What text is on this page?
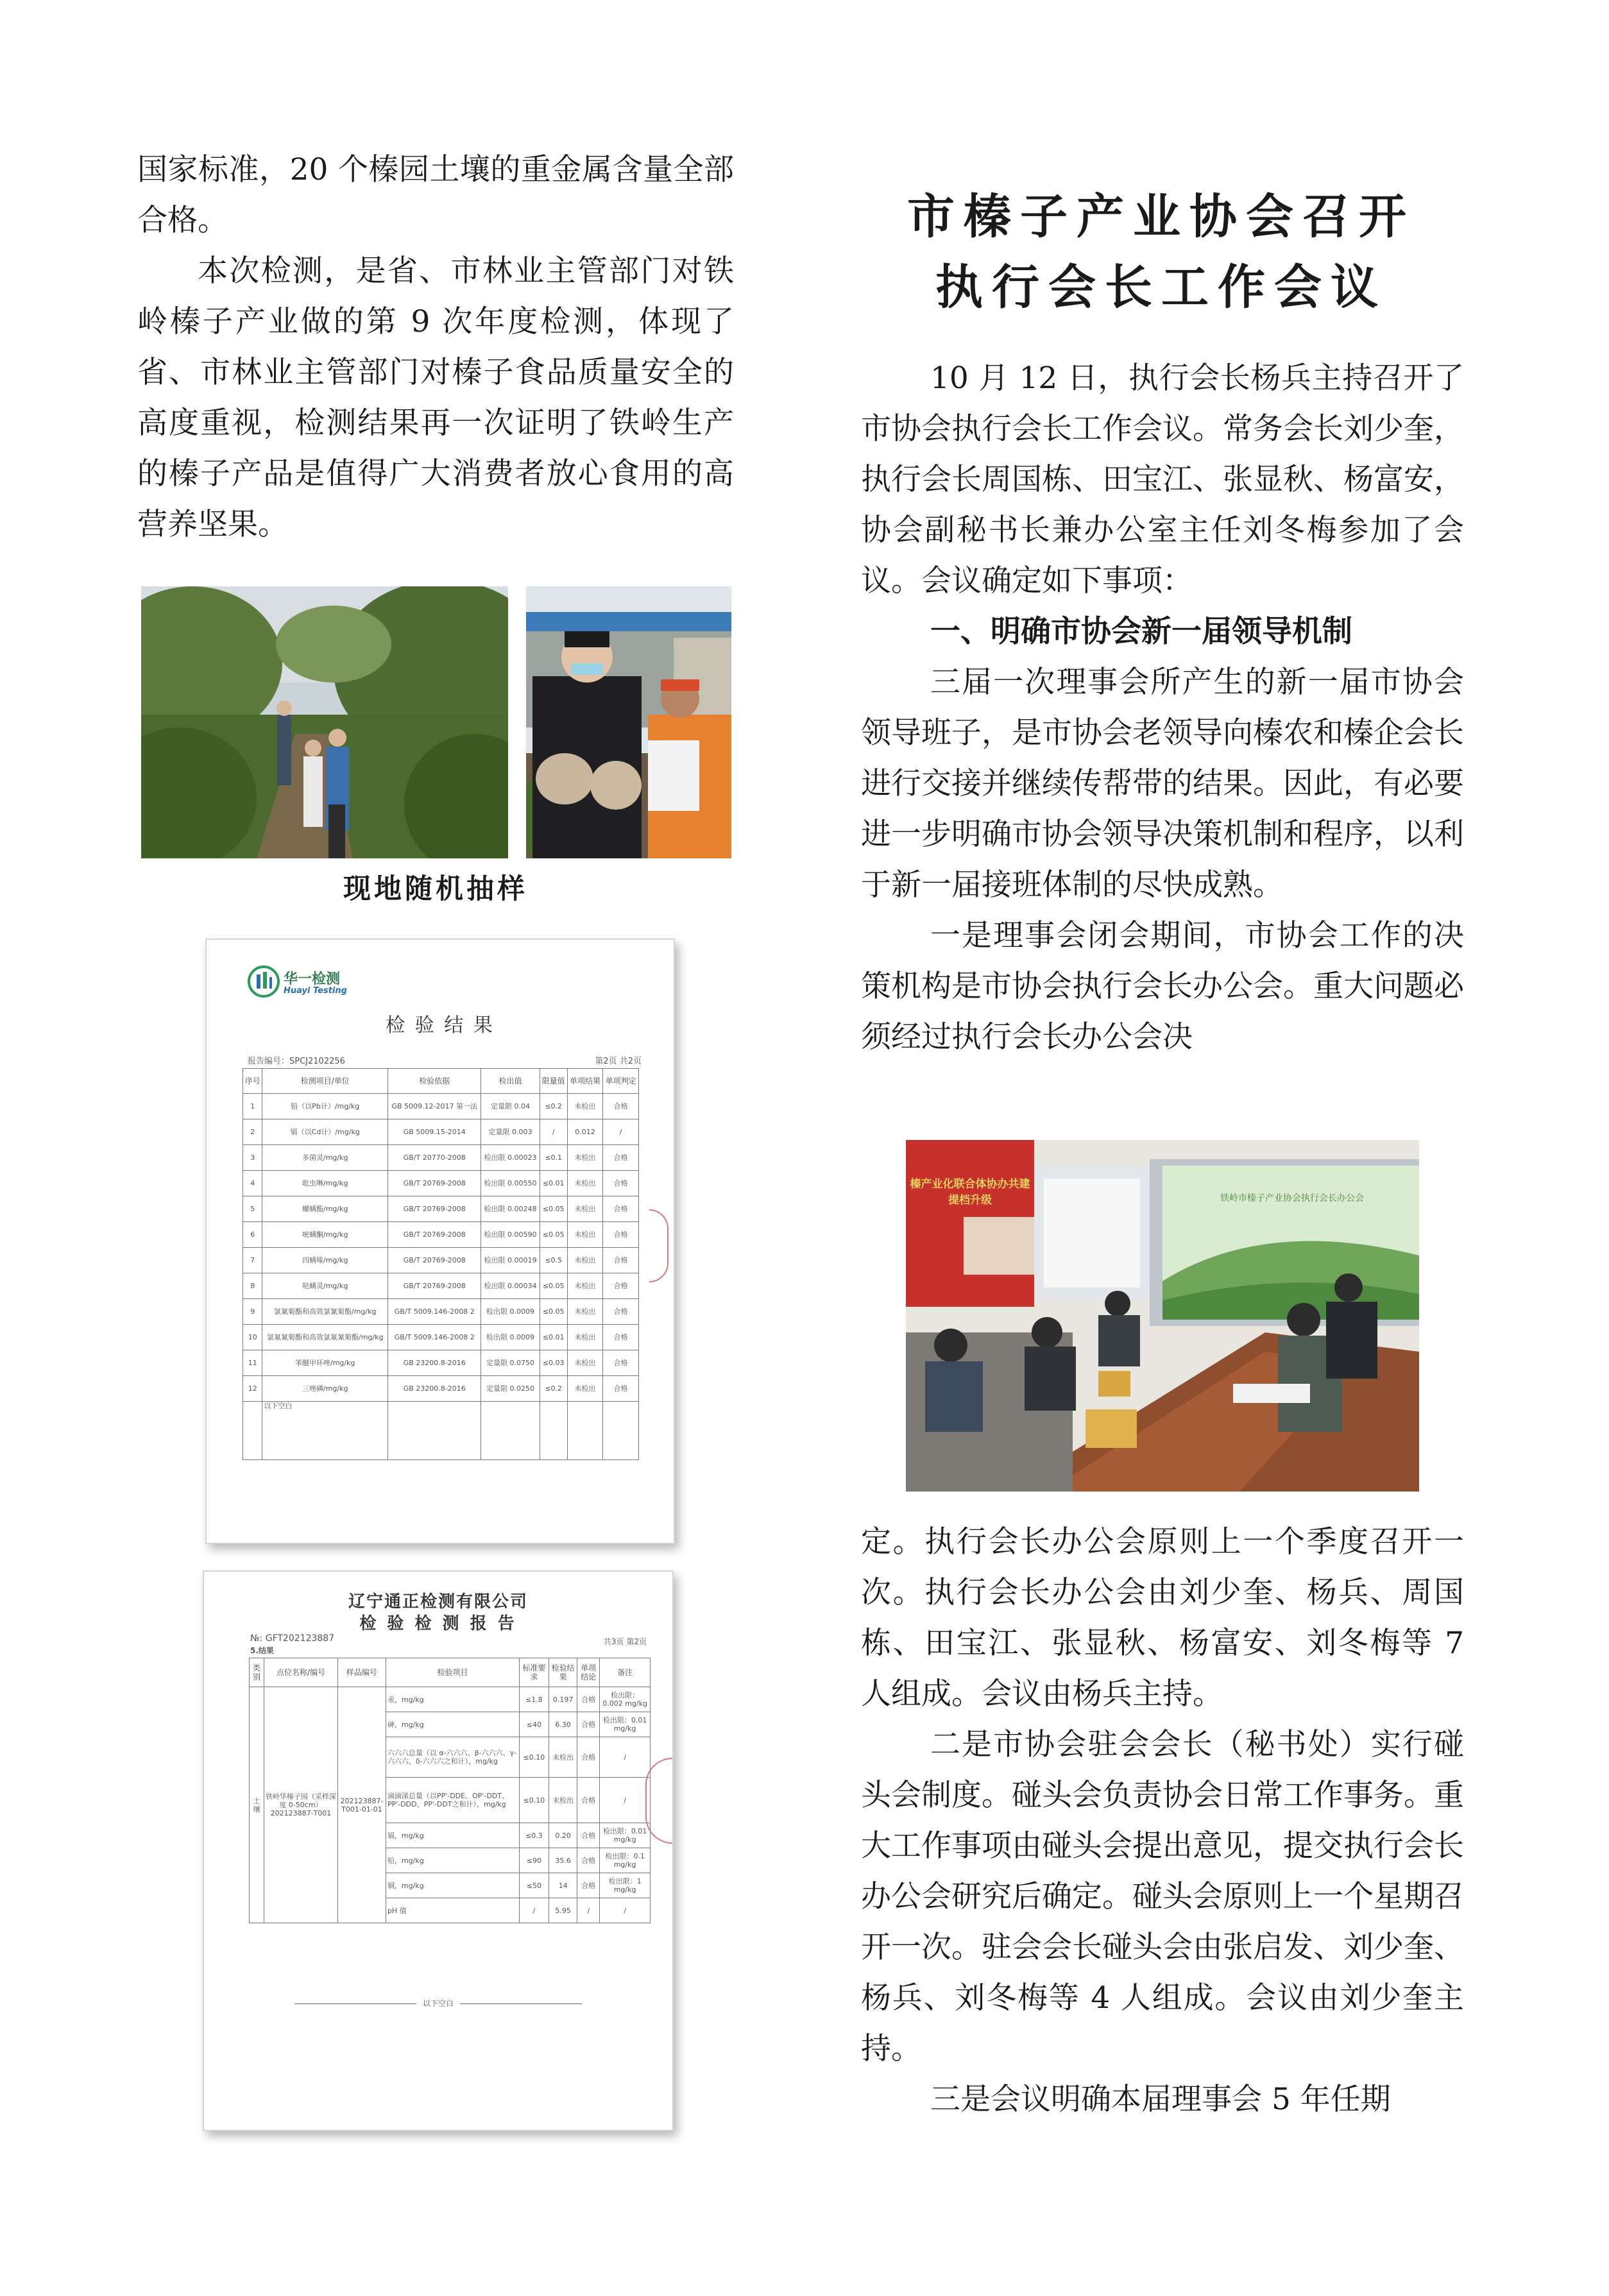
国家标准，20 个榛园土壤的重金属含量全部合格。

本次检测，是省、市林业主管部门对铁岭榛子产业做的第 9 次年度检测，体现了省、市林业主管部门对榛子食品质量安全的高度重视，检测结果再一次证明了铁岭生产的榛子产品是值得广大消费者放心食用的高营养坚果。

现地随机抽样
华一检测
Huayi Testing
检 验 结 果
报告编号：SPCJ2102256	第2页 共2页
序号	检测项目/单位	检验依据	检出值	限量值	单项结果	单项判定
1	铅（以Pb计）/mg/kg	GB 5009.12-2017 第一法	定量限 0.04	≤0.2	未检出	合格
2	镉（以Cd计）/mg/kg	GB 5009.15-2014	定量限 0.003	/	0.012	/
3	多菌灵/mg/kg	GB/T 20770-2008	检出限 0.00023	≤0.1	未检出	合格
4	吡虫啉/mg/kg	GB/T 20769-2008	检出限 0.00550	≤0.01	未检出	合格
5	螺螨酯/mg/kg	GB/T 20769-2008	检出限 0.00248	≤0.05	未检出	合格
6	嘧螨酮/mg/kg	GB/T 20769-2008	检出限 0.00590	≤0.05	未检出	合格
7	四螨嗪/mg/kg	GB/T 20769-2008	检出限 0.00019	≤0.5	未检出	合格
8	哒螨灵/mg/kg	GB/T 20769-2008	检出限 0.00034	≤0.05	未检出	合格
9	氯氰菊酯和高效氯氰菊酯/mg/kg	GB/T 5009.146-2008 2	检出限 0.0009	≤0.05	未检出	合格
10	氯氟氰菊酯和高效氯氟氰菊酯/mg/kg	GB/T 5009.146-2008 2	检出限 0.0009	≤0.01	未检出	合格
11	苯醚甲环唑/mg/kg	GB 23200.8-2016	定量限 0.0750	≤0.03	未检出	合格
12	三唑磷/mg/kg	GB 23200.8-2016	定量限 0.0250	≤0.2	未检出	合格
	以下空白					
辽宁通正检测有限公司
检 验 检 测 报 告
№: GFT202123887
5.结果
共3页 第2页
类别	点位名称/编号	样品编号	检验项目	标准要求	检验结果	单项结论	备注
土壤	铁岭华榛子园（采样深度 0-50cm）202123887-T001	202123887-T001-01-01	汞，mg/kg	≤1.8	0.197	合格	检出限：0.002 mg/kg
			砷，mg/kg	≤40	6.30	合格	检出限：0.01 mg/kg
			六六六总量（以 α-六六六、β-六六六、γ-六六六、δ-六六六之和计），mg/kg	≤0.10	未检出	合格	/
			滴滴涕总量（以PP'-DDE、OP'-DDT、PP'-DDD、PP'-DDT之和计），mg/kg	≤0.10	未检出	合格	/
			镉，mg/kg	≤0.3	0.20	合格	检出限：0.01 mg/kg
			铅，mg/kg	≤90	35.6	合格	检出限：0.1 mg/kg
			铜，mg/kg	≤50	14	合格	检出限：1 mg/kg
			pH 值	/	5.95	/	/
以下空白
市榛子产业协会召开
执行会长工作会议

10 月 12 日，执行会长杨兵主持召开了市协会执行会长工作会议。常务会长刘少奎，执行会长周国栋、田宝江、张显秋、杨富安，协会副秘书长兼办公室主任刘冬梅参加了会议。会议确定如下事项：

一、明确市协会新一届领导机制

三届一次理事会所产生的新一届市协会领导班子，是市协会老领导向榛农和榛企会长进行交接并继续传帮带的结果。因此，有必要进一步明确市协会领导决策机制和程序，以利于新一届接班体制的尽快成熟。

一是理事会闭会期间，市协会工作的决策机构是市协会执行会长办公会。重大问题必须经过执行会长办公会决

榛产业化联合体协办共建提档升级	铁岭市榛子产业协会执行会长办公会

定。执行会长办公会原则上一个季度召开一次。执行会长办公会由刘少奎、杨兵、周国栋、田宝江、张显秋、杨富安、刘冬梅等 7 人组成。会议由杨兵主持。

二是市协会驻会会长（秘书处）实行碰头会制度。碰头会负责协会日常工作事务。重大工作事项由碰头会提出意见，提交执行会长办公会研究后确定。碰头会原则上一个星期召开一次。驻会会长碰头会由张启发、刘少奎、杨兵、刘冬梅等 4 人组成。会议由刘少奎主持。

三是会议明确本届理事会 5 年任期
